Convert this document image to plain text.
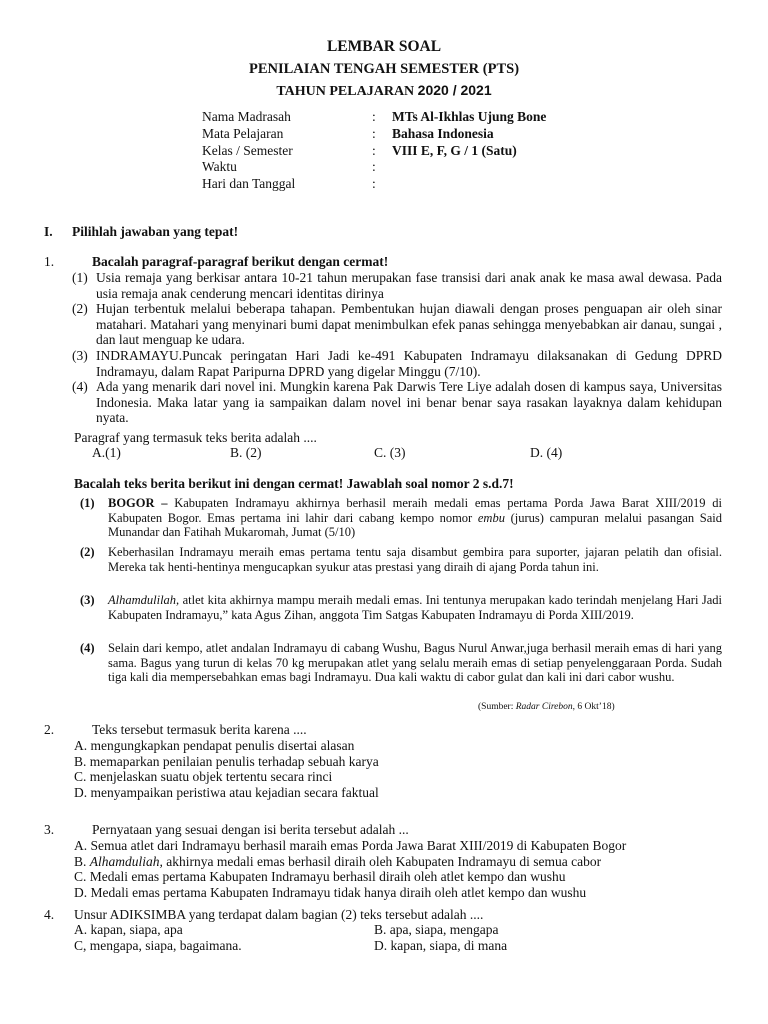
LEMBAR SOAL
PENILAIAN TENGAH SEMESTER (PTS)
TAHUN PELAJARAN 2020 / 2021
Nama Madrasah	: MTs Al-Ikhlas Ujung Bone
Mata Pelajaran	: Bahasa Indonesia
Kelas / Semester	: VIII E, F, G / 1 (Satu)
Waktu	:
Hari dan Tanggal	:
I. Pilihlah jawaban yang tepat!
1.	Bacalah paragraf-paragraf berikut dengan cermat!
(1) Usia remaja yang berkisar antara 10-21 tahun merupakan fase transisi dari anak anak ke masa awal dewasa. Pada usia remaja anak cenderung mencari identitas dirinya
(2) Hujan terbentuk melalui beberapa tahapan. Pembentukan hujan diawali dengan proses penguapan air oleh sinar matahari. Matahari yang menyinari bumi dapat menimbulkan efek panas sehingga menyebabkan air danau, sungai , dan laut menguap ke udara.
(3) INDRAMAYU.Puncak peringatan Hari Jadi ke-491 Kabupaten Indramayu dilaksanakan di Gedung DPRD Indramayu, dalam Rapat Paripurna DPRD yang digelar Minggu (7/10).
(4) Ada yang menarik dari novel ini. Mungkin karena Pak Darwis Tere Liye adalah dosen di kampus saya, Universitas Indonesia. Maka latar yang ia sampaikan dalam novel ini benar benar saya rasakan layaknya dalam kehidupan nyata.
Paragraf yang termasuk teks berita adalah ....
A.(1)	B. (2)	C. (3)	D. (4)
Bacalah teks berita berikut ini dengan cermat! Jawablah soal nomor 2 s.d.7!
(1) BOGOR – Kabupaten Indramayu akhirnya berhasil meraih medali emas pertama Porda Jawa Barat XIII/2019 di Kabupaten Bogor. Emas pertama ini lahir dari cabang kempo nomor embu (jurus) campuran melalui pasangan Said Munandar dan Fatihah Mukaromah, Jumat (5/10)
(2) Keberhasilan Indramayu meraih emas pertama tentu saja disambut gembira para suporter, jajaran pelatih dan ofisial. Mereka tak henti-hentinya mengucapkan syukur atas prestasi yang diraih di ajang Porda tahun ini.
(3) Alhamdulilah, atlet kita akhirnya mampu meraih medali emas. Ini tentunya merupakan kado terindah menjelang Hari Jadi Kabupaten Indramayu,” kata Agus Zihan, anggota Tim Satgas Kabupaten Indramayu di Porda XIII/2019.
(4) Selain dari kempo, atlet andalan Indramayu di cabang Wushu, Bagus Nurul Anwar,juga berhasil meraih emas di hari yang sama. Bagus yang turun di kelas 70 kg merupakan atlet yang selalu meraih emas di setiap penyelenggaraan Porda. Sudah tiga kali dia mempersebahkan emas bagi Indramayu. Dua kali waktu di cabor gulat dan kali ini dari cabor wushu.
(Sumber: Radar Cirebon, 6 Okt’18)
2.	Teks tersebut termasuk berita karena ....
A. mengungkapkan pendapat penulis disertai alasan
B. memaparkan penilaian penulis terhadap sebuah karya
C. menjelaskan suatu objek tertentu secara rinci
D. menyampaikan peristiwa atau kejadian secara faktual
3.	Pernyataan yang sesuai dengan isi berita tersebut adalah ...
A. Semua atlet dari Indramayu berhasil maraih emas Porda Jawa Barat XIII/2019 di Kabupaten Bogor
B. Alhamduliah, akhirnya medali emas berhasil diraih oleh Kabupaten Indramayu di semua cabor
C. Medali emas pertama Kabupaten Indramayu berhasil diraih oleh atlet kempo dan wushu
D. Medali emas pertama Kabupaten Indramayu tidak hanya diraih oleh atlet kempo dan wushu
4. Unsur ADIKSIMBA yang terdapat dalam bagian (2) teks tersebut adalah ....
A. kapan, siapa, apa	B. apa, siapa, mengapa
C, mengapa, siapa, bagaimana.	D. kapan, siapa, di mana
